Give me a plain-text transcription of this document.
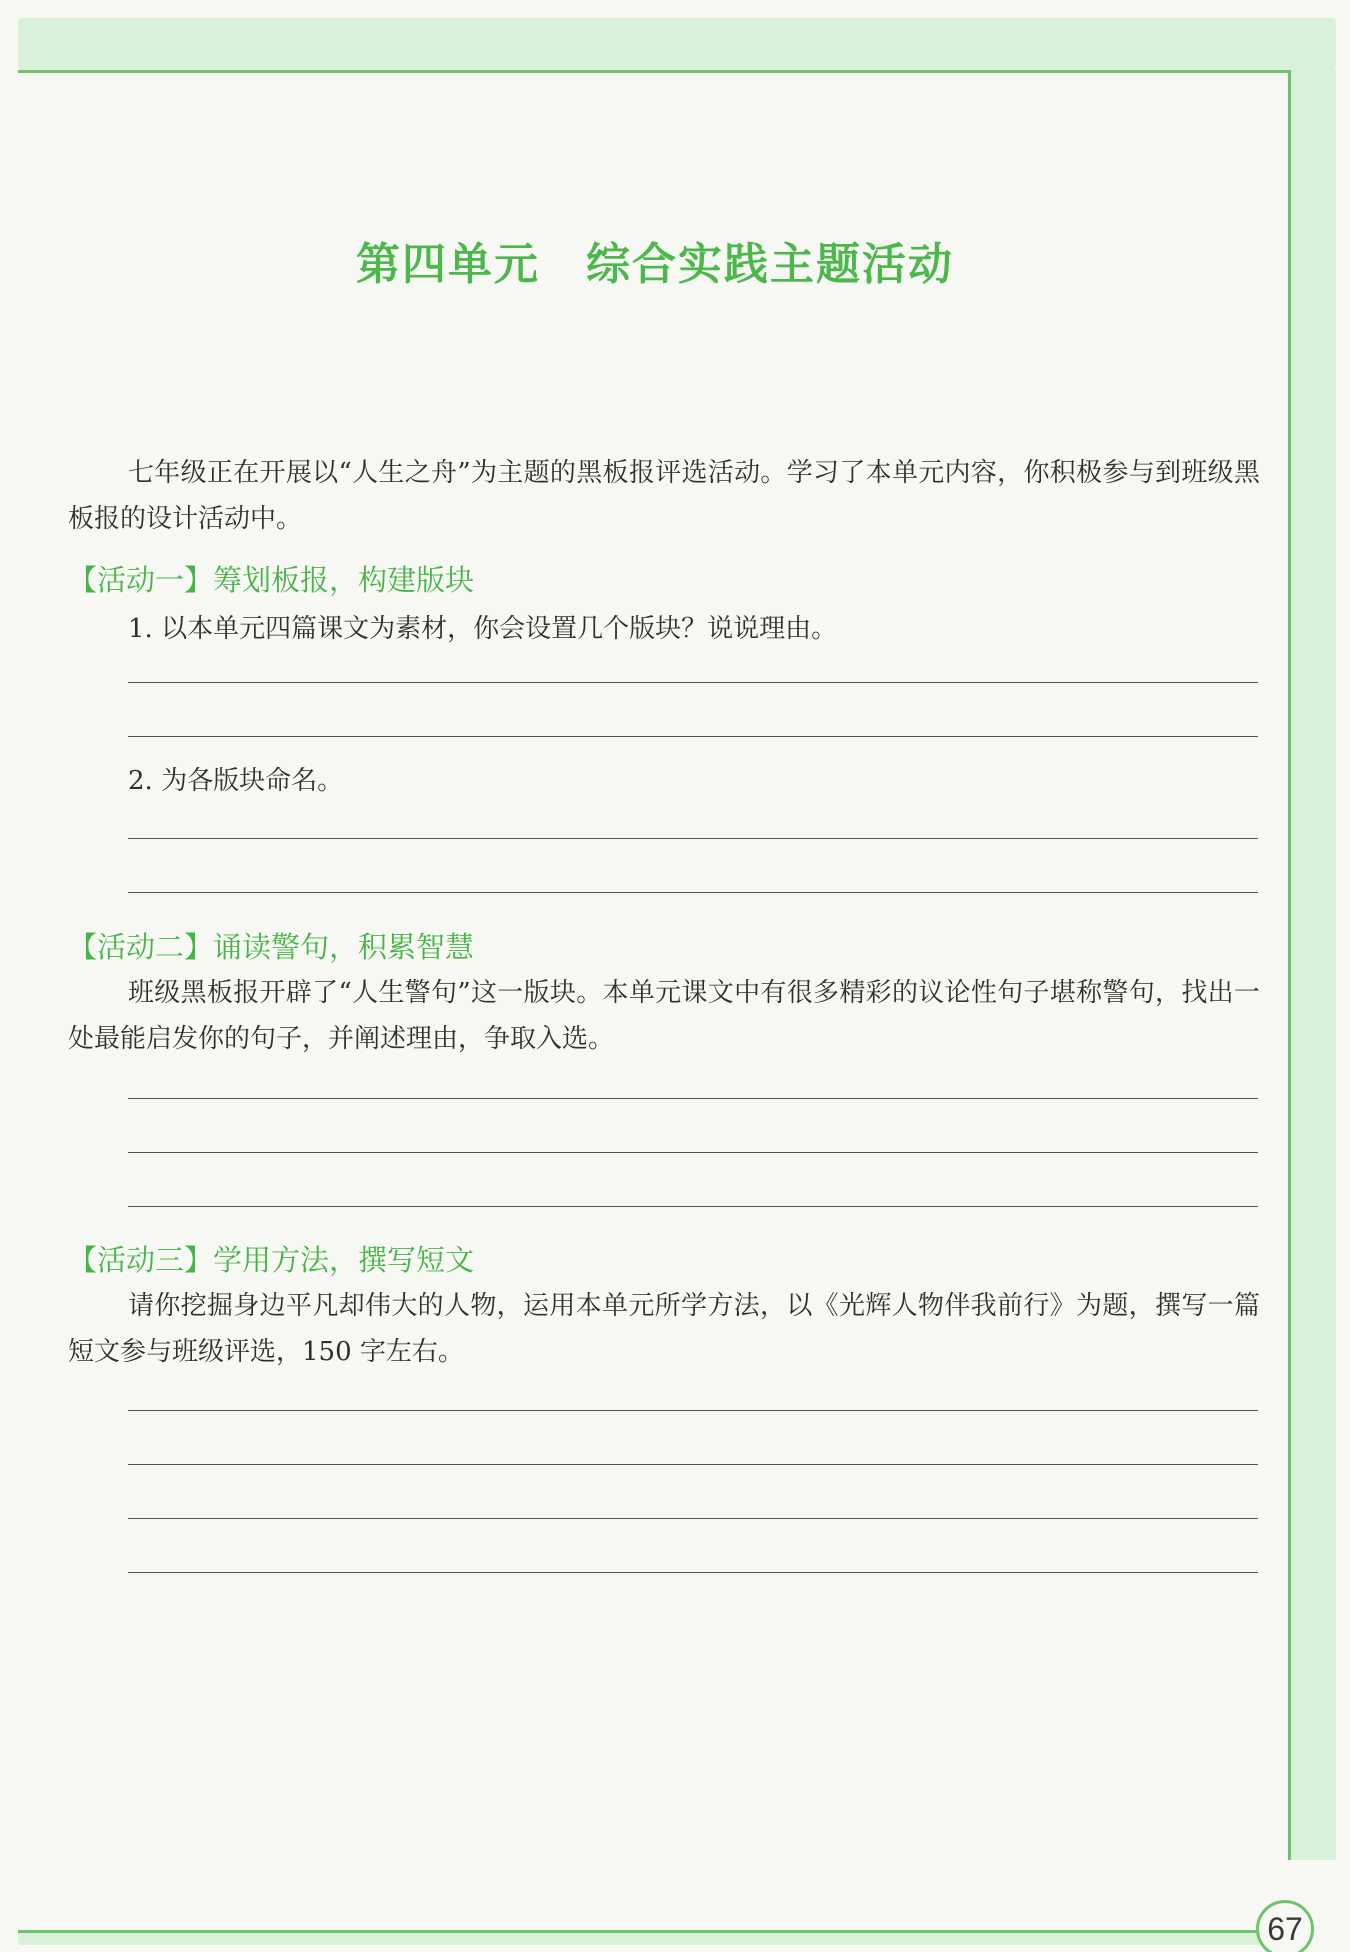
第四单元　综合实践主题活动
七年级正在开展以“人生之舟”为主题的黑板报评选活动。学习了本单元内容，你积极参与到班级黑板报的设计活动中。
【活动一】筹划板报，构建版块
1. 以本单元四篇课文为素材，你会设置几个版块？说说理由。
2. 为各版块命名。
【活动二】诵读警句，积累智慧
班级黑板报开辟了“人生警句”这一版块。本单元课文中有很多精彩的议论性句子堪称警句，找出一处最能启发你的句子，并阐述理由，争取入选。
【活动三】学用方法，撰写短文
请你挖掘身边平凡却伟大的人物，运用本单元所学方法，以《光辉人物伴我前行》为题，撰写一篇短文参与班级评选，150 字左右。
67
